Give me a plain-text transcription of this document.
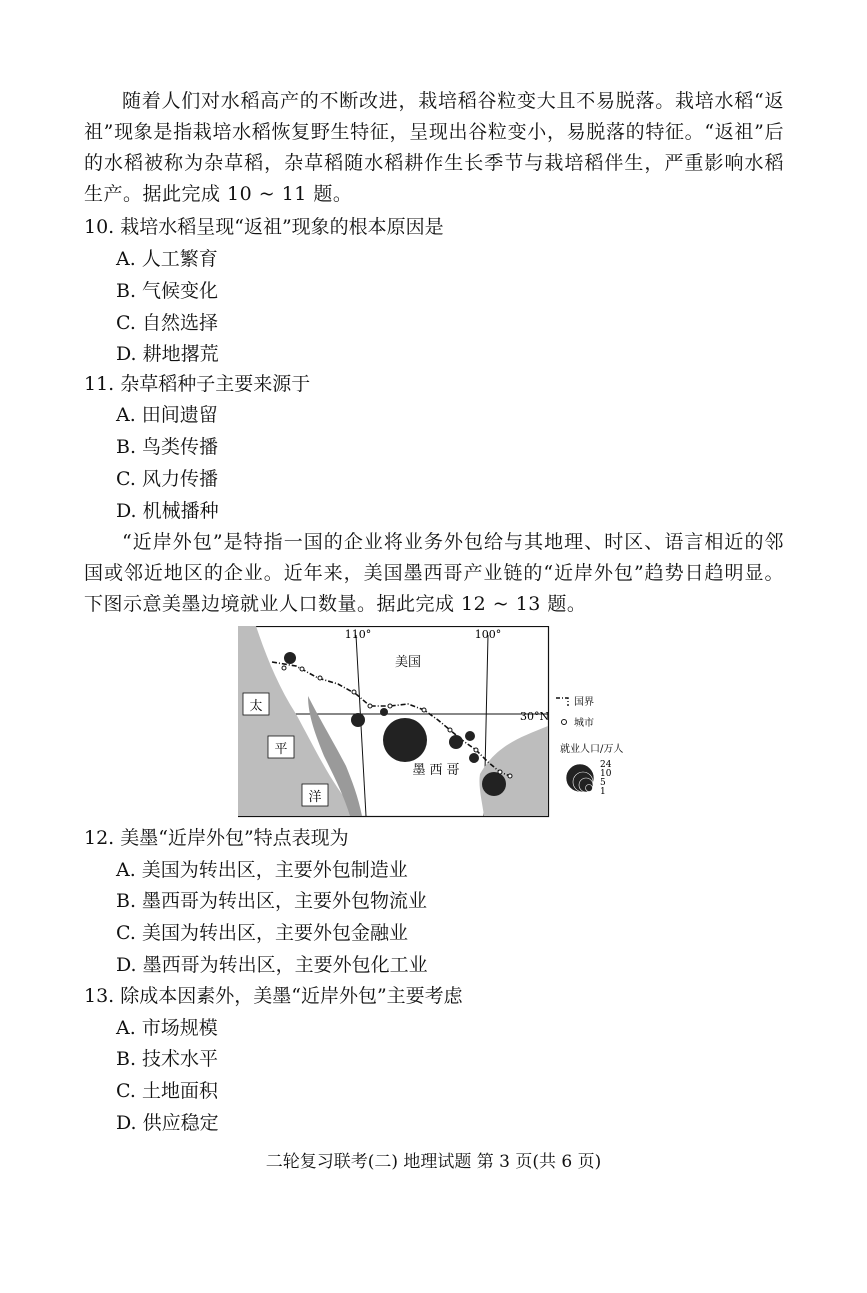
随着人们对水稻高产的不断改进，栽培稻谷粒变大且不易脱落。栽培水稻“返祖”现象是指栽培水稻恢复野生特征，呈现出谷粒变小，易脱落的特征。“返祖”后的水稻被称为杂草稻，杂草稻随水稻耕作生长季节与栽培稻伴生，严重影响水稻生产。据此完成 10 ~ 11 题。
10. 栽培水稻呈现“返祖”现象的根本原因是
A. 人工繁育
B. 气候变化
C. 自然选择
D. 耕地撂荒
11. 杂草稻种子主要来源于
A. 田间遗留
B. 鸟类传播
C. 风力传播
D. 机械播种
“近岸外包”是特指一国的企业将业务外包给与其地理、时区、语言相近的邻国或邻近地区的企业。近年来，美国墨西哥产业链的“近岸外包”趋势日趋明显。下图示意美墨边境就业人口数量。据此完成 12 ~ 13 题。
太
平
洋
110°	100°
30°N
美国
墨西哥
国界
城市
就业人口/万人
24
10
5
1
12. 美墨“近岸外包”特点表现为
A. 美国为转出区，主要外包制造业
B. 墨西哥为转出区，主要外包物流业
C. 美国为转出区，主要外包金融业
D. 墨西哥为转出区，主要外包化工业
13. 除成本因素外，美墨“近岸外包”主要考虑
A. 市场规模
B. 技术水平
C. 土地面积
D. 供应稳定
二轮复习联考(二) 地理试题 第 3 页(共 6 页)
